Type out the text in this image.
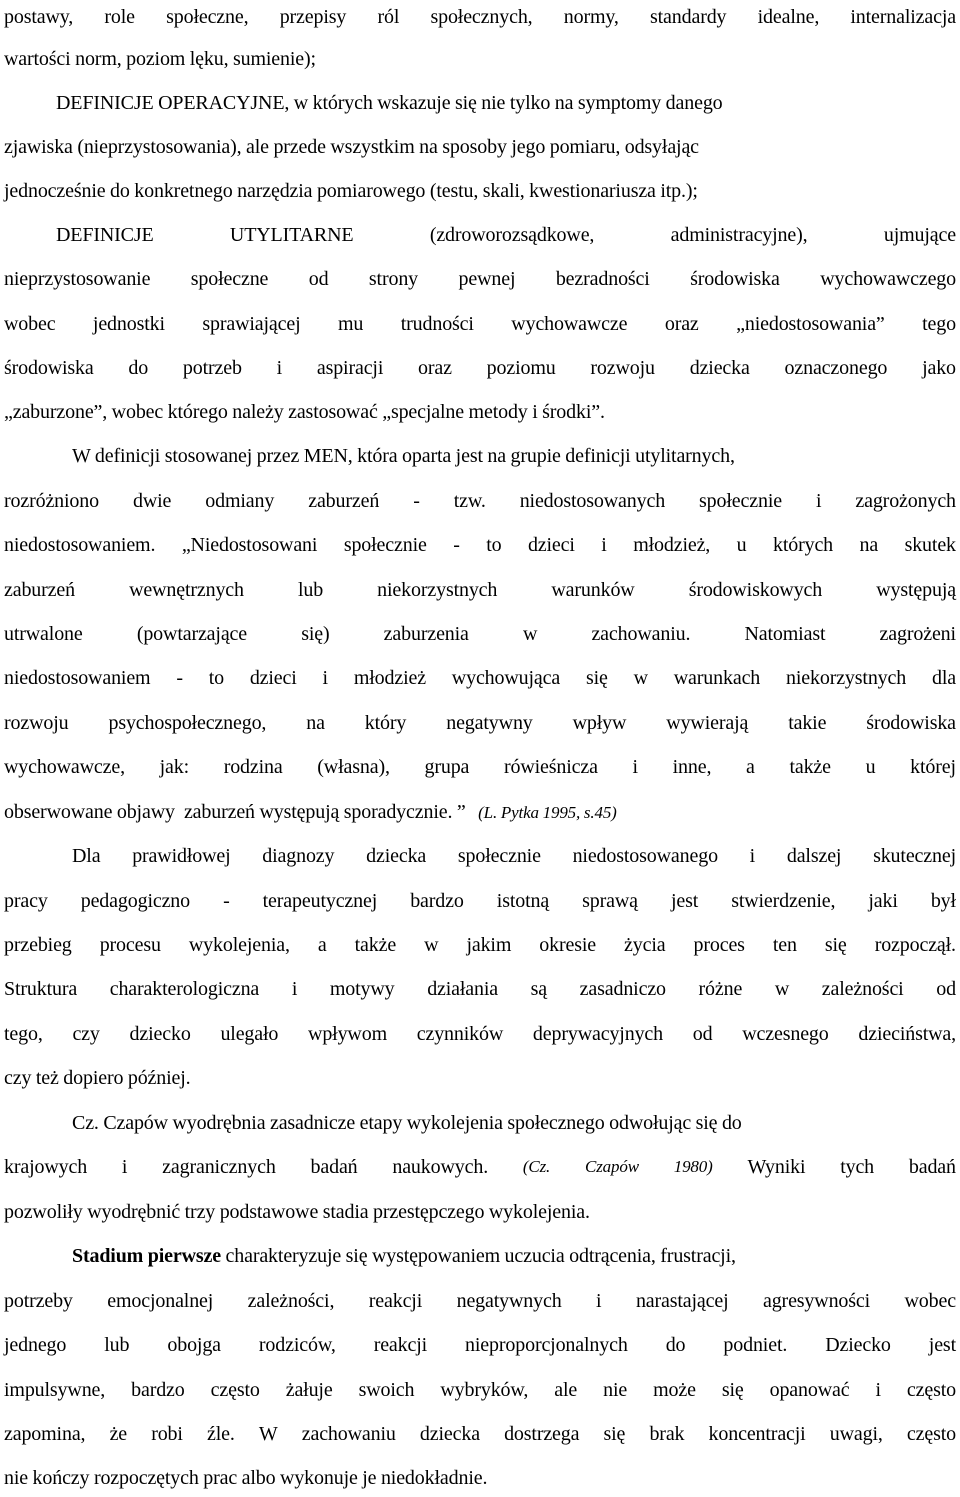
postawy, role społeczne, przepisy ról społecznych, normy, standardy idealne, internalizacja
wartości norm, poziom lęku, sumienie);
DEFINICJE OPERACYJNE, w których wskazuje się nie tylko na symptomy danego
zjawiska (nieprzystosowania), ale przede wszystkim na sposoby jego pomiaru, odsyłając
jednocześnie do konkretnego narzędzia pomiarowego (testu, skali, kwestionariusza itp.);
DEFINICJE	UTYLITARNE	(zdroworozsądkowe,	administracyjne),	ujmujące
nieprzystosowanie społeczne od strony pewnej bezradności środowiska wychowawczego
wobec jednostki sprawiającej mu trudności wychowawcze oraz „niedostosowania” tego
środowiska do potrzeb i aspiracji oraz poziomu rozwoju dziecka oznaczonego jako
„zaburzone”, wobec którego należy zastosować „specjalne metody i środki”.
W definicji stosowanej przez MEN, która oparta jest na grupie definicji utylitarnych,
rozróżniono dwie odmiany zaburzeń - tzw. niedostosowanych społecznie i zagrożonych
niedostosowaniem. „Niedostosowani społecznie - to dzieci i młodzież, u których na skutek
zaburzeń	wewnętrznych	lub	niekorzystnych	warunków	środowiskowych	występują
utrwalone	(powtarzające	się)	zaburzenia	w	zachowaniu.	Natomiast	zagrożeni
niedostosowaniem - to dzieci i młodzież wychowująca się w warunkach niekorzystnych dla
rozwoju psychospołecznego, na który negatywny wpływ wywierają takie środowiska
wychowawcze, jak: rodzina (własna), grupa rówieśnicza i inne, a także u której
obserwowane objawy  zaburzeń występują sporadycznie. ” (L. Pytka 1995, s.45)
Dla prawidłowej diagnozy dziecka społecznie niedostosowanego i dalszej skutecznej
pracy pedagogiczno - terapeutycznej bardzo istotną sprawą jest stwierdzenie, jaki był
przebieg procesu wykolejenia, a także w jakim okresie życia proces ten się rozpoczął.
Struktura charakterologiczna i motywy działania są zasadniczo różne w zależności od
tego, czy dziecko ulegało wpływom czynników deprywacyjnych od wczesnego dzieciństwa,
czy też dopiero później.
Cz. Czapów wyodrębnia zasadnicze etapy wykolejenia społecznego odwołując się do
krajowych i zagranicznych badań naukowych. (Cz. Czapów 1980) Wyniki tych badań
pozwoliły wyodrębnić trzy podstawowe stadia przestępczego wykolejenia.
Stadium pierwsze charakteryzuje się występowaniem uczucia odtrącenia, frustracji,
potrzeby emocjonalnej zależności, reakcji negatywnych i narastającej agresywności wobec
jednego lub obojga rodziców, reakcji nieproporcjonalnych do podniet. Dziecko jest
impulsywne, bardzo często żałuje swoich wybryków, ale nie może się opanować i często
zapomina, że robi źle. W zachowaniu dziecka dostrzega się brak koncentracji uwagi, często
nie kończy rozpoczętych prac albo wykonuje je niedokładnie.
